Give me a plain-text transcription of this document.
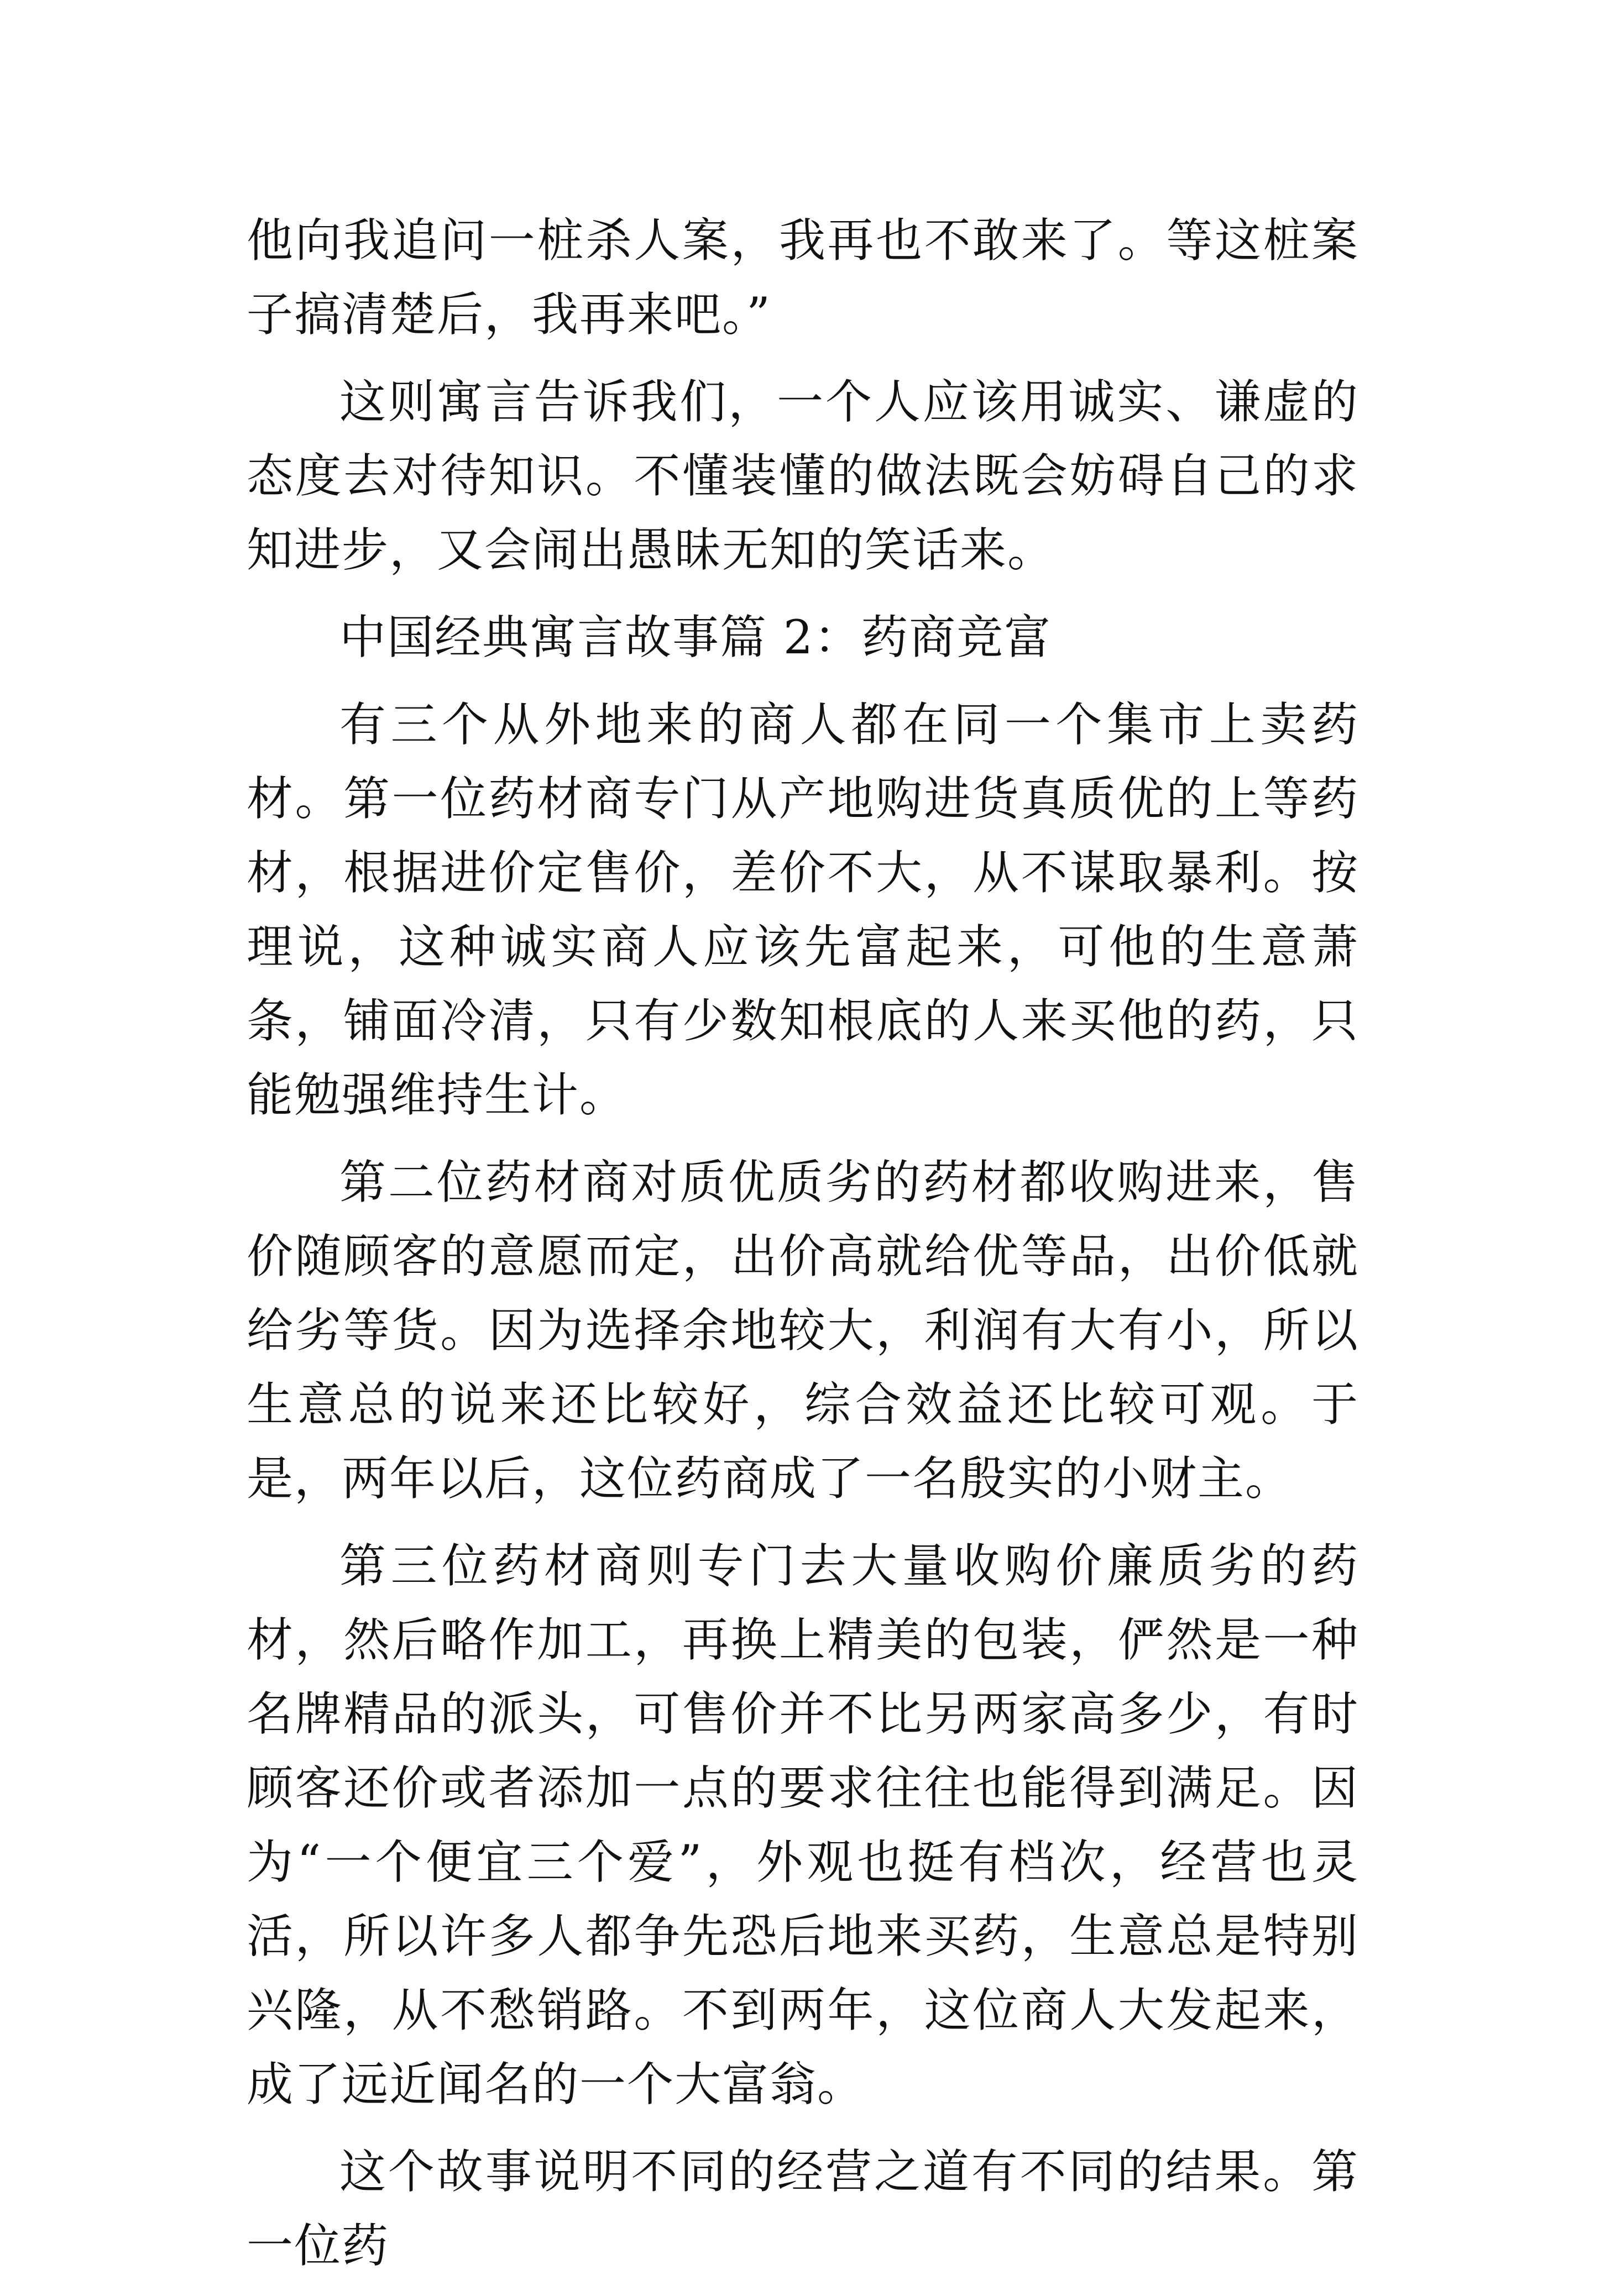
他向我追问一桩杀人案，我再也不敢来了。等这桩案子搞清楚后，我再来吧。”

这则寓言告诉我们，一个人应该用诚实、谦虚的态度去对待知识。不懂装懂的做法既会妨碍自己的求知进步，又会闹出愚昧无知的笑话来。

中国经典寓言故事篇 2：药商竞富

有三个从外地来的商人都在同一个集市上卖药材。第一位药材商专门从产地购进货真质优的上等药材，根据进价定售价，差价不大，从不谋取暴利。按理说，这种诚实商人应该先富起来，可他的生意萧条，铺面冷清，只有少数知根底的人来买他的药，只能勉强维持生计。

第二位药材商对质优质劣的药材都收购进来，售价随顾客的意愿而定，出价高就给优等品，出价低就给劣等货。因为选择余地较大，利润有大有小，所以生意总的说来还比较好，综合效益还比较可观。于是，两年以后，这位药商成了一名殷实的小财主。

第三位药材商则专门去大量收购价廉质劣的药材，然后略作加工，再换上精美的包装，俨然是一种名牌精品的派头，可售价并不比另两家高多少，有时顾客还价或者添加一点的要求往往也能得到满足。因为“一个便宜三个爱”，外观也挺有档次，经营也灵活，所以许多人都争先恐后地来买药，生意总是特别兴隆，从不愁销路。不到两年，这位商人大发起来，成了远近闻名的一个大富翁。

这个故事说明不同的经营之道有不同的结果。第一位药
